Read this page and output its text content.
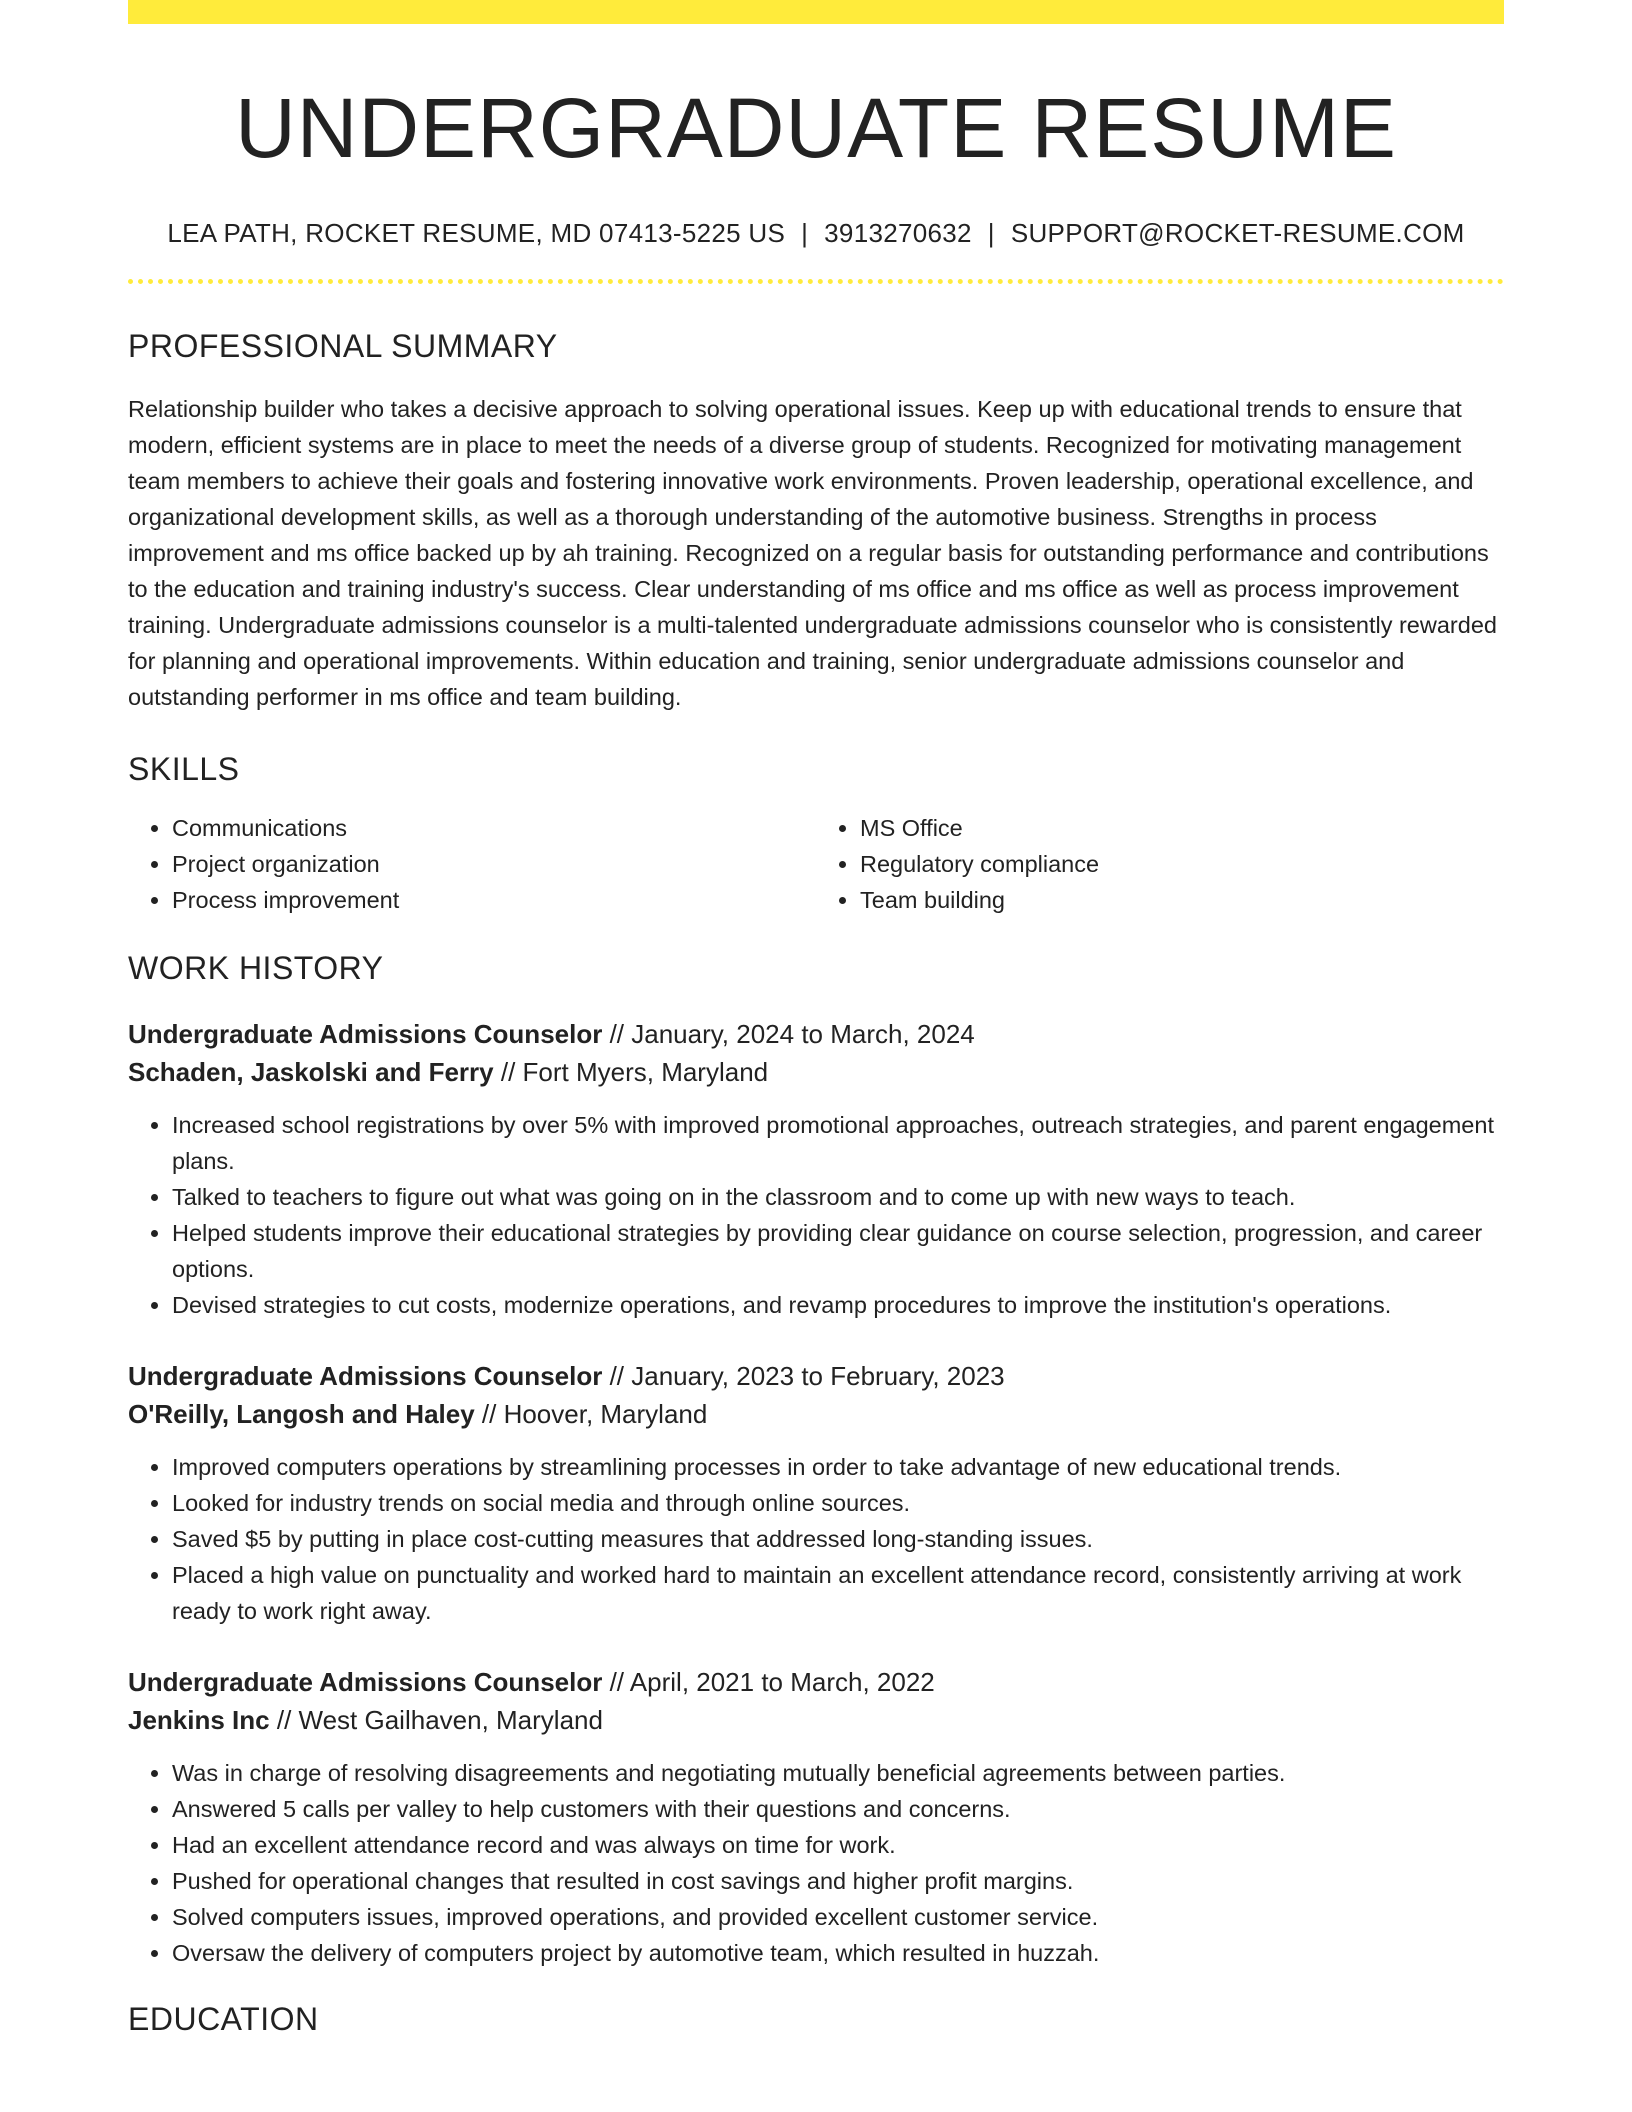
UNDERGRADUATE RESUME
LEA PATH, ROCKET RESUME, MD 07413-5225 US | 3913270632 | SUPPORT@ROCKET-RESUME.COM
PROFESSIONAL SUMMARY

Relationship builder who takes a decisive approach to solving operational issues. Keep up with educational trends to ensure that modern, efficient systems are in place to meet the needs of a diverse group of students. Recognized for motivating management team members to achieve their goals and fostering innovative work environments. Proven leadership, operational excellence, and organizational development skills, as well as a thorough understanding of the automotive business. Strengths in process improvement and ms office backed up by ah training. Recognized on a regular basis for outstanding performance and contributions to the education and training industry's success. Clear understanding of ms office and ms office as well as process improvement training. Undergraduate admissions counselor is a multi-talented undergraduate admissions counselor who is consistently rewarded for planning and operational improvements. Within education and training, senior undergraduate admissions counselor and outstanding performer in ms office and team building.

SKILLS
• Communications
• Project organization
• Process improvement
• MS Office
• Regulatory compliance
• Team building
WORK HISTORY
Undergraduate Admissions Counselor // January, 2024 to March, 2024
Schaden, Jaskolski and Ferry // Fort Myers, Maryland
• Increased school registrations by over 5% with improved promotional approaches, outreach strategies, and parent engagement plans.
• Talked to teachers to figure out what was going on in the classroom and to come up with new ways to teach.
• Helped students improve their educational strategies by providing clear guidance on course selection, progression, and career options.
• Devised strategies to cut costs, modernize operations, and revamp procedures to improve the institution's operations.
Undergraduate Admissions Counselor // January, 2023 to February, 2023
O'Reilly, Langosh and Haley // Hoover, Maryland
• Improved computers operations by streamlining processes in order to take advantage of new educational trends.
• Looked for industry trends on social media and through online sources.
• Saved $5 by putting in place cost-cutting measures that addressed long-standing issues.
• Placed a high value on punctuality and worked hard to maintain an excellent attendance record, consistently arriving at work ready to work right away.
Undergraduate Admissions Counselor // April, 2021 to March, 2022
Jenkins Inc // West Gailhaven, Maryland
• Was in charge of resolving disagreements and negotiating mutually beneficial agreements between parties.
• Answered 5 calls per valley to help customers with their questions and concerns.
• Had an excellent attendance record and was always on time for work.
• Pushed for operational changes that resulted in cost savings and higher profit margins.
• Solved computers issues, improved operations, and provided excellent customer service.
• Oversaw the delivery of computers project by automotive team, which resulted in huzzah.
EDUCATION
